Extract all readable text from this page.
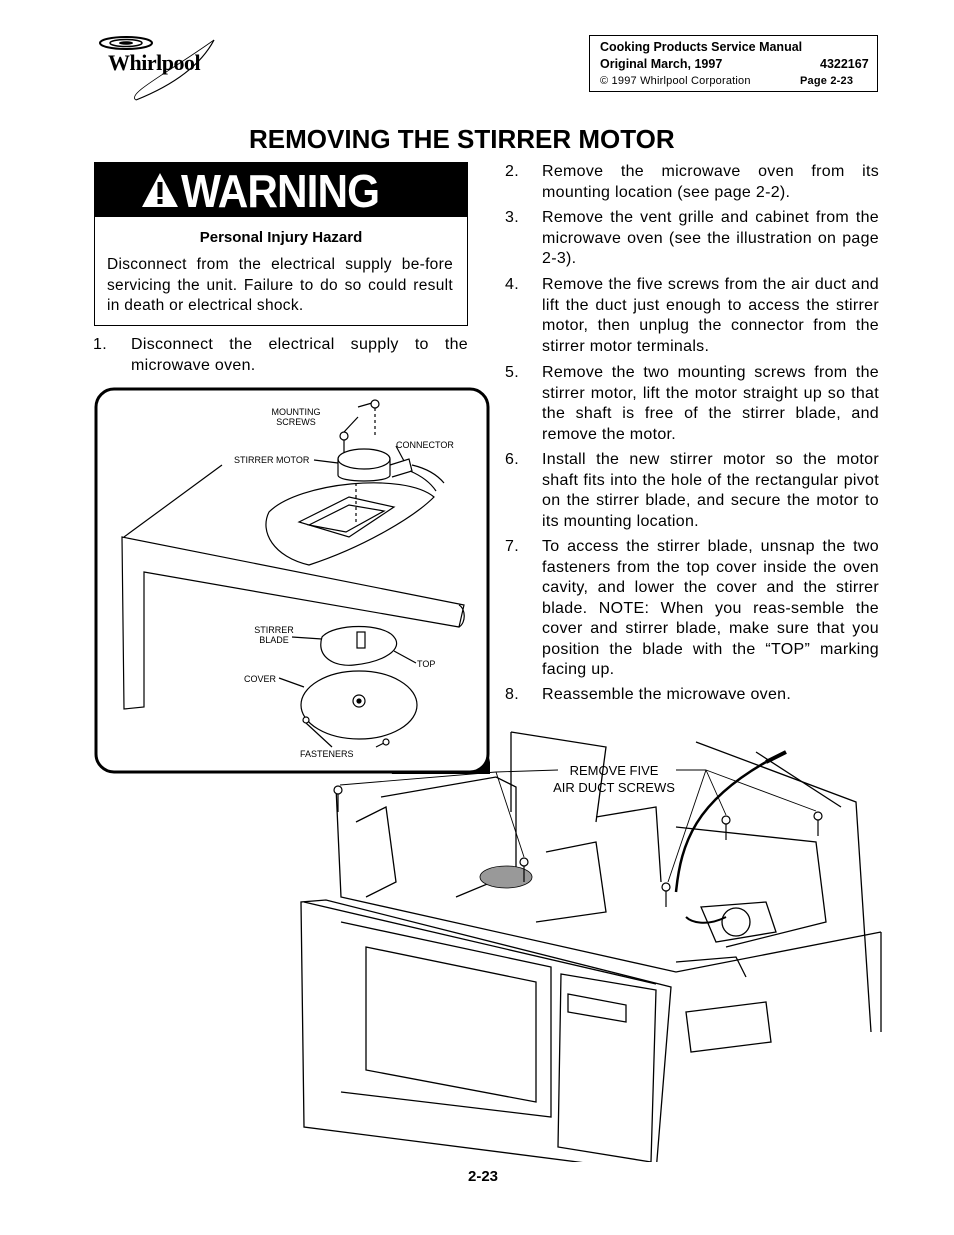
Whirlpool
Cooking Products Service Manual
Original March, 1997	4322167
© 1997 Whirlpool Corporation	Page 2-23
REMOVING THE STIRRER MOTOR
WARNING
Personal Injury Hazard
Disconnect from the electrical supply be-fore servicing the unit. Failure to do so could result in death or electrical shock.
1. Disconnect the electrical supply to the microwave oven.
2. Remove the microwave oven from its mounting location (see page 2-2).
3. Remove the vent grille and cabinet from the microwave oven (see the illustration on page 2-3).
4. Remove the five screws from the air duct and lift the duct just enough to access the stirrer motor, then unplug the connector from the stirrer motor terminals.
5. Remove the two mounting screws from the stirrer motor, lift the motor straight up so that the shaft is free of the stirrer blade, and remove the motor.
6. Install the new stirrer motor so the motor shaft fits into the hole of the rectangular pivot on the stirrer blade, and secure the motor to its mounting location.
7. To access the stirrer blade, unsnap the two fasteners from the top cover inside the oven cavity, and lower the cover and the stirrer blade. NOTE: When you reas-semble the cover and stirrer blade, make sure that you position the blade with the “TOP” marking facing up.
8. Reassemble the microwave oven.
REMOVE FIVE
AIR DUCT SCREWS
MOUNTING
SCREWS
CONNECTOR
STIRRER MOTOR
STIRRER
BLADE
TOP
COVER
FASTENERS
2-23
